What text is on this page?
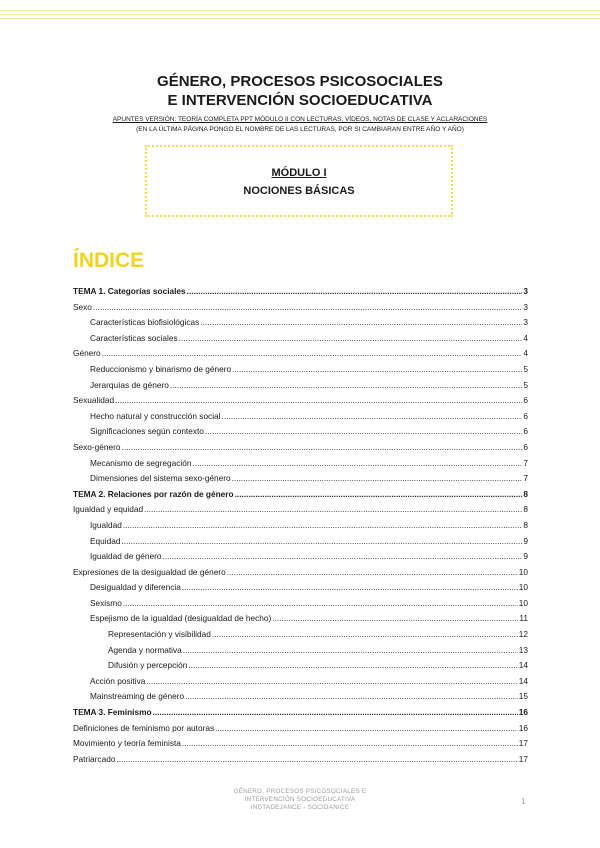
GÉNERO, PROCESOS PSICOSOCIALES
E INTERVENCIÓN SOCIOEDUCATIVA
APUNTES VERSIÓN: TEORÍA COMPLETA PPT MÓDULO II CON LECTURAS, VÍDEOS, NOTAS DE CLASE Y ACLARACIONES
(EN LA ÚLTIMA PÁGINA PONGO EL NOMBRE DE LAS LECTURAS, POR SI CAMBIARAN ENTRE AÑO Y AÑO)
MÓDULO I
NOCIONES BÁSICAS
ÍNDICE
TEMA 1. Categorías sociales .....	3
Sexo .....	3
Características biofisiológicas .....	3
Características sociales .....	4
Género .....	4
Reduccionismo y binarismo de género .....	5
Jerarquías de género .....	5
Sexualidad .....	6
Hecho natural y construcción social .....	6
Significaciones según contexto .....	6
Sexo-género .....	6
Mecanismo de segregación .....	7
Dimensiones del sistema sexo-género .....	7
TEMA 2. Relaciones por razón de género .....	8
Igualdad y equidad .....	8
Igualdad .....	8
Equidad .....	9
Igualdad de género .....	9
Expresiones de la desigualdad de género .....	10
Desigualdad y diferencia .....	10
Sexismo .....	10
Espejismo de la igualdad (desigualdad de hecho) .....	11
Representación y visibilidad .....	12
Agenda y normativa .....	13
Difusión y percepción .....	14
Acción positiva .....	14
Mainstreaming de género .....	15
TEMA 3. Feminismo .....	16
Definiciones de feminismo por autoras .....	16
Movimiento y teoría feminista .....	17
Patriarcado .....	17
GÉNERO, PROCESOS PSICOSOCIALES E
INTERVENCIÓN SOCIOEDUCATIVA
INDTADEJANCE - SOCIDANICE
1
